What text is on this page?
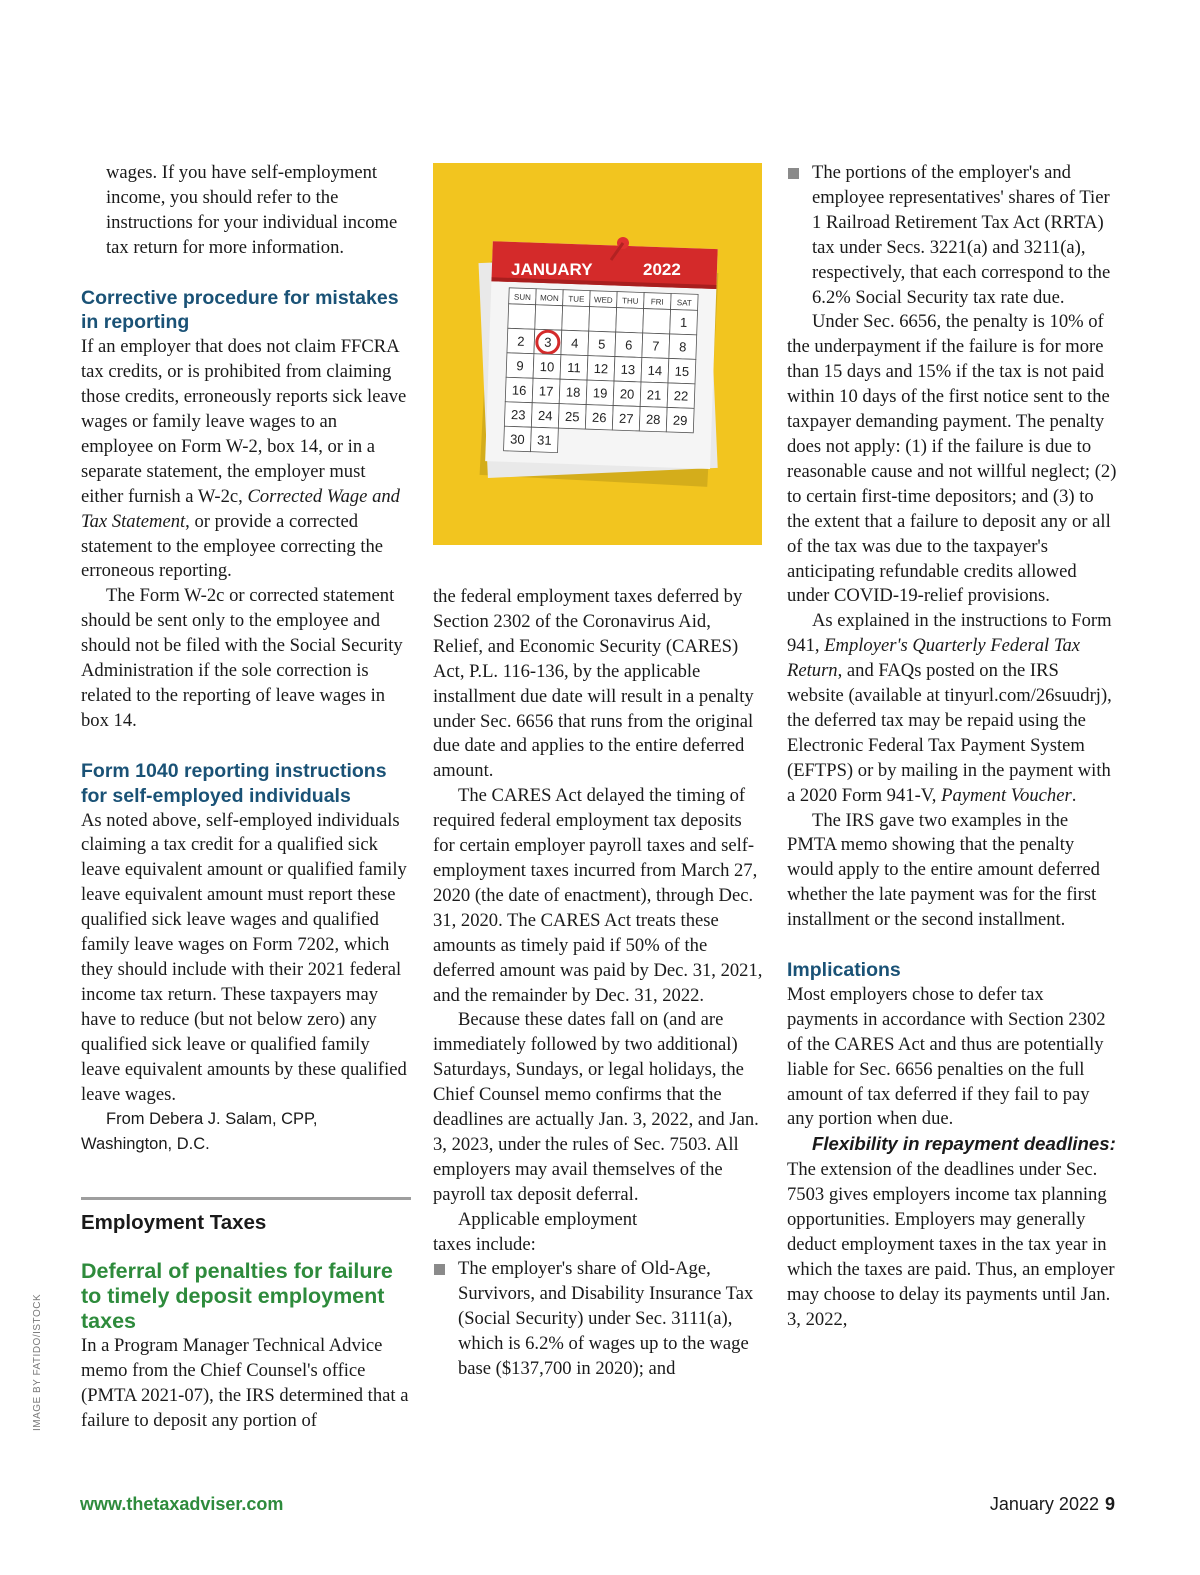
wages. If you have self-employment income, you should refer to the instructions for your individual income tax return for more information.

Corrective procedure for mistakes in reporting

If an employer that does not claim FFCRA tax credits, or is prohibited from claiming those credits, erroneously reports sick leave wages or family leave wages to an employee on Form W-2, box 14, or in a separate statement, the employer must either furnish a W-2c, Corrected Wage and Tax Statement, or provide a corrected statement to the employee correcting the erroneous reporting.

The Form W-2c or corrected statement should be sent only to the employee and should not be filed with the Social Security Administration if the sole correction is related to the reporting of leave wages in box 14.

Form 1040 reporting instructions for self-employed individuals

As noted above, self-employed individuals claiming a tax credit for a qualified sick leave equivalent amount or qualified family leave equivalent amount must report these qualified sick leave wages and qualified family leave wages on Form 7202, which they should include with their 2021 federal income tax return. These taxpayers may have to reduce (but not below zero) any qualified sick leave or qualified family leave equivalent amounts by these qualified leave wages.

From Debera J. Salam, CPP,

Washington, D.C.

Employment Taxes

Deferral of penalties for failure to timely deposit employment taxes

In a Program Manager Technical Advice memo from the Chief Counsel's office (PMTA 2021-07), the IRS determined that a failure to deposit any portion of

JANUARY	2022
SUN MON TUE WED THU FRI SAT
1
2 3 4 5 6 7 8
9 10 11 12 13 14 15
16 17 18 19 20 21 22
23 24 25 26 27 28 29
30 31

the federal employment taxes deferred by Section 2302 of the Coronavirus Aid, Relief, and Economic Security (CARES) Act, P.L. 116-136, by the applicable installment due date will result in a penalty under Sec. 6656 that runs from the original due date and applies to the entire deferred amount.

The CARES Act delayed the timing of required federal employment tax deposits for certain employer payroll taxes and self-employment taxes incurred from March 27, 2020 (the date of enactment), through Dec. 31, 2020. The CARES Act treats these amounts as timely paid if 50% of the deferred amount was paid by Dec. 31, 2021, and the remainder by Dec. 31, 2022.

Because these dates fall on (and are immediately followed by two additional) Saturdays, Sundays, or legal holidays, the Chief Counsel memo confirms that the deadlines are actually Jan. 3, 2022, and Jan. 3, 2023, under the rules of Sec. 7503. All employers may avail themselves of the payroll tax deposit deferral.

Applicable employment

taxes include:

The employer's share of Old-Age, Survivors, and Disability Insurance Tax (Social Security) under Sec. 3111(a), which is 6.2% of wages up to the wage base ($137,700 in 2020); and

The portions of the employer's and employee representatives' shares of Tier 1 Railroad Retirement Tax Act (RRTA) tax under Secs. 3221(a) and 3211(a), respectively, that each correspond to the 6.2% Social Security tax rate due.

Under Sec. 6656, the penalty is 10% of the underpayment if the failure is for more than 15 days and 15% if the tax is not paid within 10 days of the first notice sent to the taxpayer demanding payment. The penalty does not apply: (1) if the failure is due to reasonable cause and not willful neglect; (2) to certain first-time depositors; and (3) to the extent that a failure to deposit any or all of the tax was due to the taxpayer's anticipating refundable credits allowed under COVID-19-relief provisions.

As explained in the instructions to Form 941, Employer's Quarterly Federal Tax Return, and FAQs posted on the IRS website (available at tinyurl.com/26suudrj), the deferred tax may be repaid using the Electronic Federal Tax Payment System (EFTPS) or by mailing in the payment with a 2020 Form 941-V, Payment Voucher.

The IRS gave two examples in the PMTA memo showing that the penalty would apply to the entire amount deferred whether the late payment was for the first installment or the second installment.

Implications

Most employers chose to defer tax payments in accordance with Section 2302 of the CARES Act and thus are potentially liable for Sec. 6656 penalties on the full amount of tax deferred if they fail to pay any portion when due.

Flexibility in repayment deadlines: The extension of the deadlines under Sec. 7503 gives employers income tax planning opportunities. Employers may generally deduct employment taxes in the tax year in which the taxes are paid. Thus, an employer may choose to delay its payments until Jan. 3, 2022,

IMAGE BY FATIDO/ISTOCK
www.thetaxadviser.com	January 2022 9
